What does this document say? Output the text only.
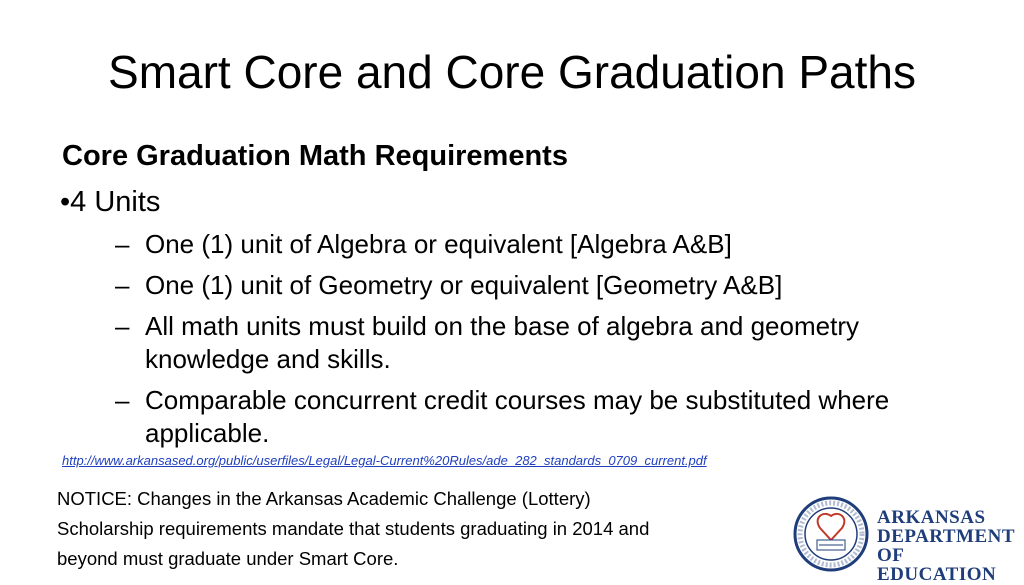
Smart Core and Core Graduation Paths
Core Graduation Math Requirements
•4 Units
– One (1) unit of Algebra or equivalent [Algebra A&B]
– One (1) unit of Geometry or equivalent [Geometry A&B]
– All math units must build on the base of algebra and geometry knowledge and skills.
– Comparable concurrent credit courses may be substituted where applicable.
http://www.arkansased.org/public/userfiles/Legal/Legal-Current%20Rules/ade_282_standards_0709_current.pdf
NOTICE: Changes in the Arkansas Academic Challenge (Lottery)
Scholarship requirements mandate that students graduating in 2014 and
beyond must graduate under Smart Core.
ARKANSAS
DEPARTMENT
OF EDUCATION
